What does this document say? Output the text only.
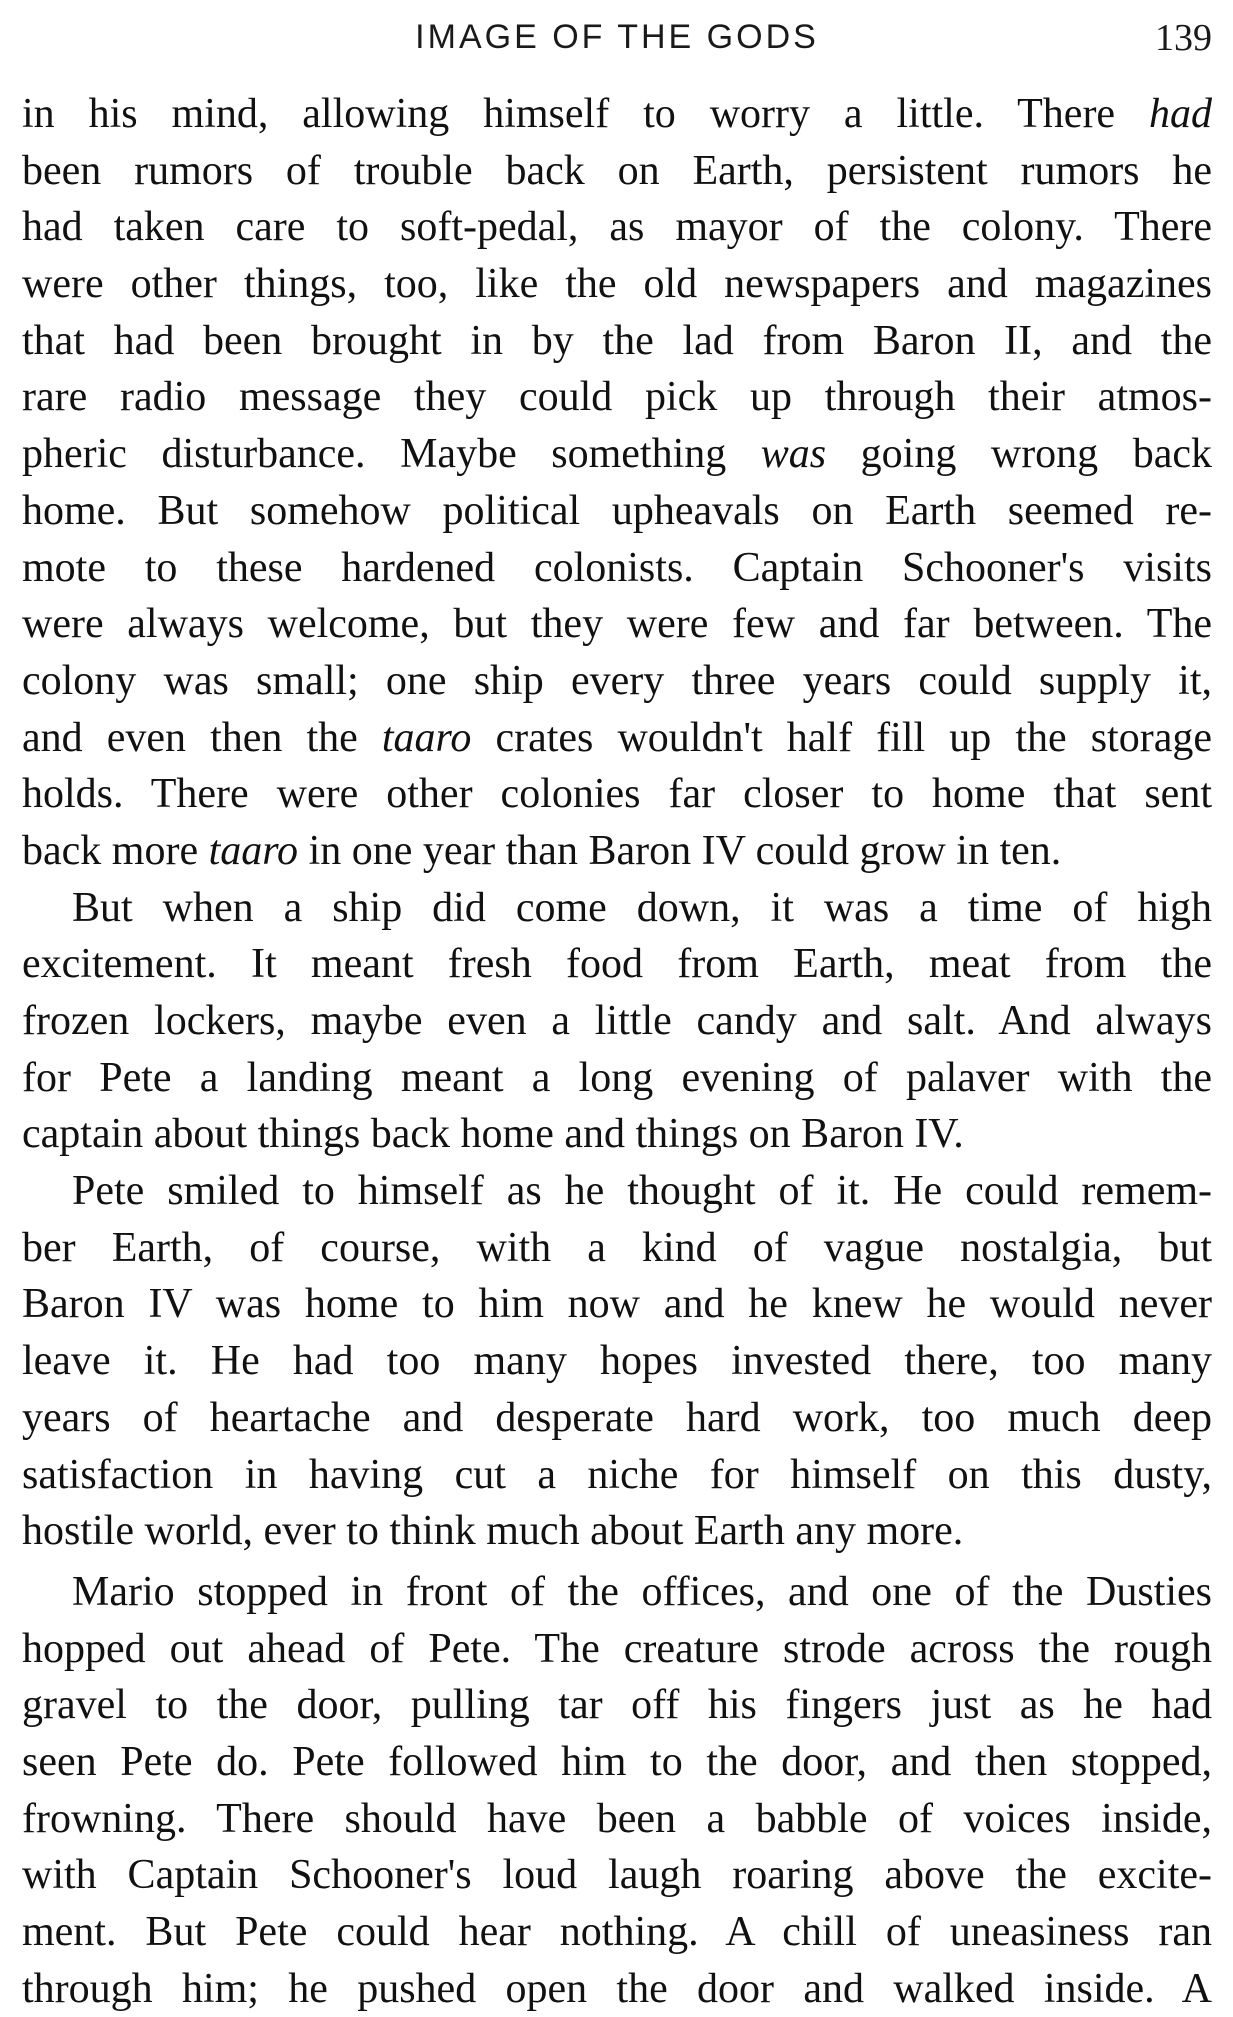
IMAGE OF THE GODS	139
in his mind, allowing himself to worry a little. There had
been rumors of trouble back on Earth, persistent rumors he
had taken care to soft-pedal, as mayor of the colony. There
were other things, too, like the old newspapers and magazines
that had been brought in by the lad from Baron II, and the
rare radio message they could pick up through their atmos-
pheric disturbance. Maybe something was going wrong back
home. But somehow political upheavals on Earth seemed re-
mote to these hardened colonists. Captain Schooner's visits
were always welcome, but they were few and far between. The
colony was small; one ship every three years could supply it,
and even then the taaro crates wouldn't half fill up the storage
holds. There were other colonies far closer to home that sent
back more taaro in one year than Baron IV could grow in ten.
But when a ship did come down, it was a time of high
excitement. It meant fresh food from Earth, meat from the
frozen lockers, maybe even a little candy and salt. And always
for Pete a landing meant a long evening of palaver with the
captain about things back home and things on Baron IV.
Pete smiled to himself as he thought of it. He could remem-
ber Earth, of course, with a kind of vague nostalgia, but
Baron IV was home to him now and he knew he would never
leave it. He had too many hopes invested there, too many
years of heartache and desperate hard work, too much deep
satisfaction in having cut a niche for himself on this dusty,
hostile world, ever to think much about Earth any more.
Mario stopped in front of the offices, and one of the Dusties
hopped out ahead of Pete. The creature strode across the rough
gravel to the door, pulling tar off his fingers just as he had
seen Pete do. Pete followed him to the door, and then stopped,
frowning. There should have been a babble of voices inside,
with Captain Schooner's loud laugh roaring above the excite-
ment. But Pete could hear nothing. A chill of uneasiness ran
through him; he pushed open the door and walked inside. A
